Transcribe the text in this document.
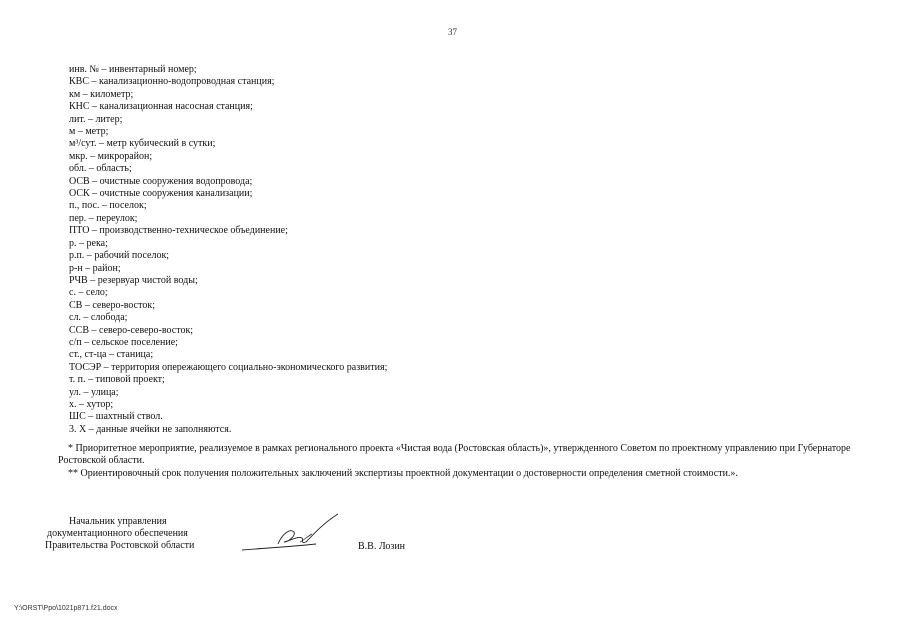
37
инв. № – инвентарный номер;
КВС – канализационно-водопроводная станция;
км – километр;
КНС – канализационная насосная станция;
лит. – литер;
м – метр;
м³/сут. – метр кубический в сутки;
мкр. – микрорайон;
обл. – область;
ОСВ – очистные сооружения водопровода;
ОСК – очистные сооружения канализации;
п., пос. – поселок;
пер. – переулок;
ПТО – производственно-техническое объединение;
р. – река;
р.п. – рабочий поселок;
р-н – район;
РЧВ – резервуар чистой воды;
с. – село;
СВ – северо-восток;
сл. – слобода;
ССВ – северо-северо-восток;
с/п – сельское поселение;
ст., ст-ца – станица;
ТОСЭР – территория опережающего социально-экономического развития;
т. п. – типовой проект;
ул. – улица;
х. – хутор;
ШС – шахтный ствол.
3. Х – данные ячейки не заполняются.

* Приоритетное мероприятие, реализуемое в рамках регионального проекта «Чистая вода (Ростовская область)», утвержденного Советом по проектному управлению при Губернаторе Ростовской области.

** Ориентировочный срок получения положительных заключений экспертизы проектной документации о достоверности определения сметной стоимости.».

Начальник управления
документационного обеспечения
Правительства Ростовской области	В.В. Лозин
Y:\ORST\Ppo\1021p871.f21.docx
